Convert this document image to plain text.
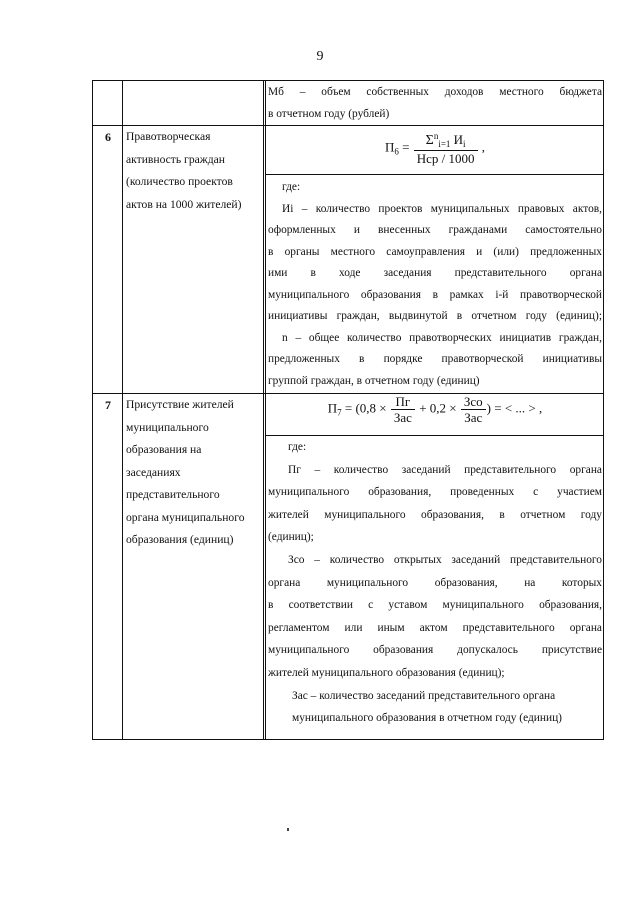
9
Мб – объем собственных доходов местного бюджета
в отчетном году (рублей)
6	Правотворческая
активность граждан
(количество проектов
актов на 1000 жителей)
$П_6 = \frac{\Sigma^n_{i=1} И_i}{\text{Нср / 1000}}$ ,
где:
Иi – количество проектов муниципальных правовых актов,
оформленных и внесенных гражданами самостоятельно
в органы местного самоуправления и (или) предложенных
ими в ходе заседания представительного органа
муниципального образования в рамках i-й правотворческой
инициативы граждан, выдвинутой в отчетном году (единиц);
n – общее количество правотворческих инициатив граждан,
предложенных в порядке правотворческой инициативы
группой граждан, в отчетном году (единиц)
7	Присутствие жителей
муниципального
образования на
заседаниях
представительного
органа муниципального
образования (единиц)
$П_7 = (0,8 \times \frac{Пг}{\text{Зас}} + 0,2 \times \frac{\text{Зсо}}{\text{Зас}}$ ) = < ... > ,
где:
Пг – количество заседаний представительного органа
муниципального образования, проведенных с участием
жителей муниципального образования, в отчетном году
(единиц);
Зсо – количество открытых заседаний представительного
органа муниципального образования, на которых
в соответствии с уставом муниципального образования,
регламентом или иным актом представительного органа
муниципального образования допускалось присутствие
жителей муниципального образования (единиц);
Зас – количество заседаний представительного органа
муниципального образования в отчетном году (единиц)
